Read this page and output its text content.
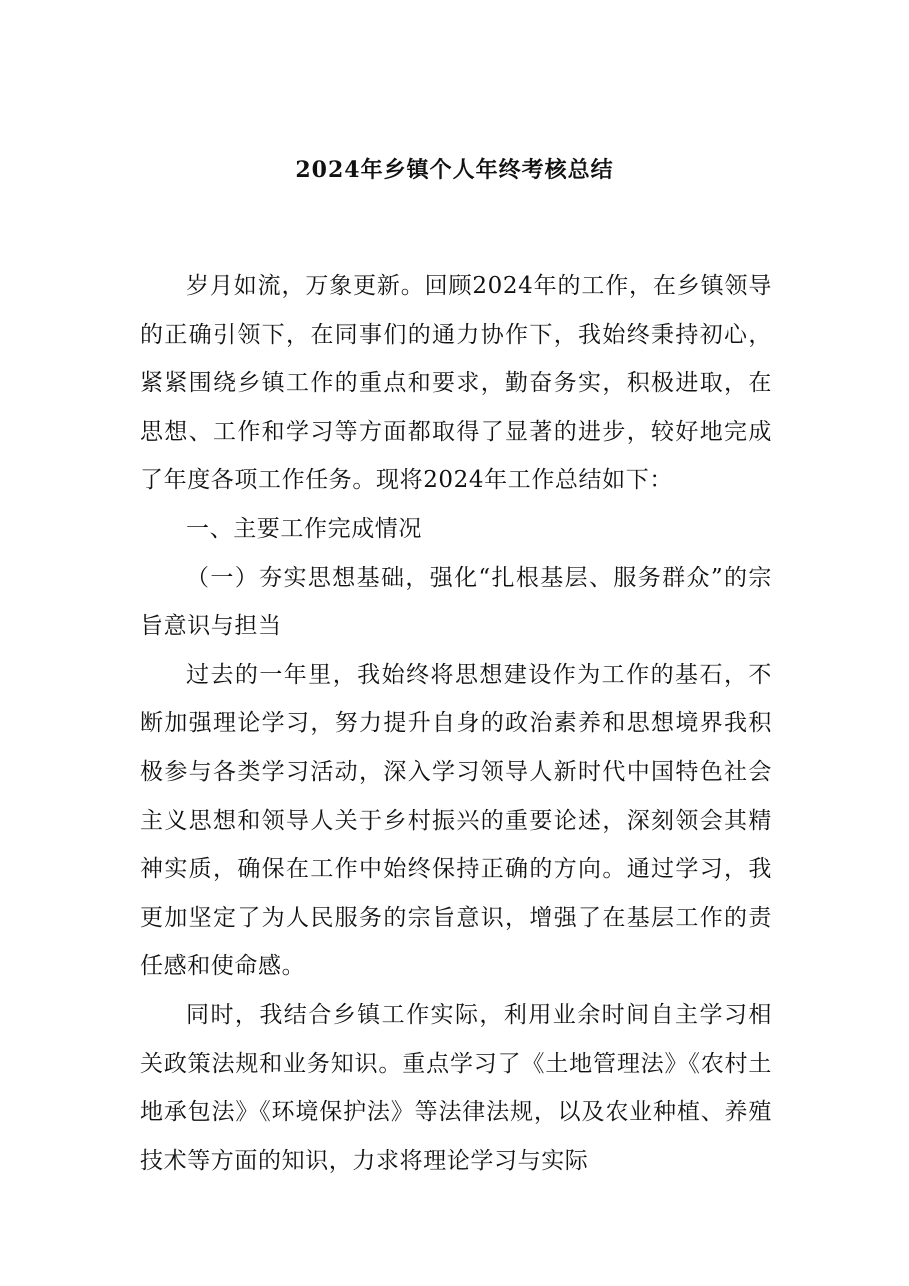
2024年乡镇个人年终考核总结

岁月如流，万象更新。回顾2024年的工作，在乡镇领导的正确引领下，在同事们的通力协作下，我始终秉持初心，紧紧围绕乡镇工作的重点和要求，勤奋务实，积极进取，在思想、工作和学习等方面都取得了显著的进步，较好地完成了年度各项工作任务。现将2024年工作总结如下：

一、主要工作完成情况

（一）夯实思想基础，强化“扎根基层、服务群众”的宗旨意识与担当

过去的一年里，我始终将思想建设作为工作的基石，不断加强理论学习，努力提升自身的政治素养和思想境界我积极参与各类学习活动，深入学习领导人新时代中国特色社会主义思想和领导人关于乡村振兴的重要论述，深刻领会其精神实质，确保在工作中始终保持正确的方向。通过学习，我更加坚定了为人民服务的宗旨意识，增强了在基层工作的责任感和使命感。

同时，我结合乡镇工作实际，利用业余时间自主学习相关政策法规和业务知识。重点学习了《土地管理法》《农村土地承包法》《环境保护法》等法律法规，以及农业种植、养殖技术等方面的知识，力求将理论学习与实际
